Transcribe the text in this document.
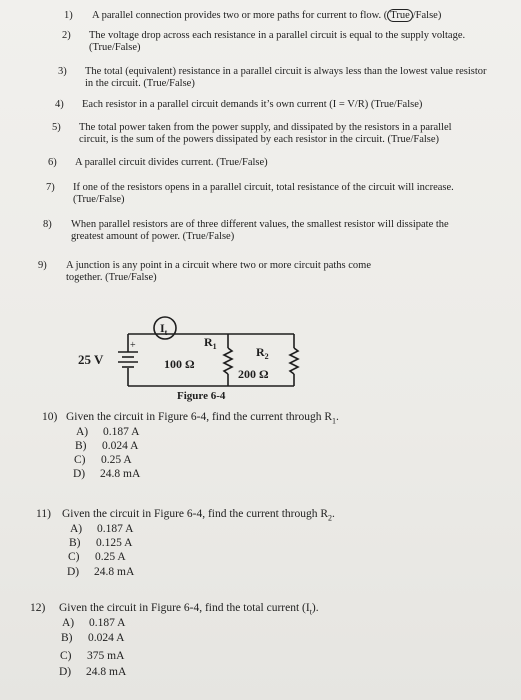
1) A parallel connection provides two or more paths for current to flow. ( True /False)
2) The voltage drop across each resistance in a parallel circuit is equal to the supply voltage.
(True/False)
3) The total (equivalent) resistance in a parallel circuit is always less than the lowest value resistor
in the circuit. (True/False)
4) Each resistor in a parallel circuit demands it’s own current (I = V/R) (True/False)
5) The total power taken from the power supply, and dissipated by the resistors in a parallel
circuit, is the sum of the powers dissipated by each resistor in the circuit. (True/False)
6) A parallel circuit divides current. (True/False)
7) If one of the resistors opens in a parallel circuit, total resistance of the circuit will increase.
(True/False)
8) When parallel resistors are of three different values, the smallest resistor will dissipate the
greatest amount of power. (True/False)
9) A junction is any point in a circuit where two or more circuit paths come
together. (True/False)
+
25 V
$I_t$
$R_1$
100 Ω
$R_2$
200 Ω
Figure 6-4
10) Given the circuit in Figure 6-4, find the current through $R_1$.
A) 0.187 A
B) 0.024 A
C) 0.25 A
D) 24.8 mA
11) Given the circuit in Figure 6-4, find the current through $R_2$.
A) 0.187 A
B) 0.125 A
C) 0.25 A
D) 24.8 mA
12) Given the circuit in Figure 6-4, find the total current $(I_t)$.
A) 0.187 A
B) 0.024 A
C) 375 mA
D) 24.8 mA
